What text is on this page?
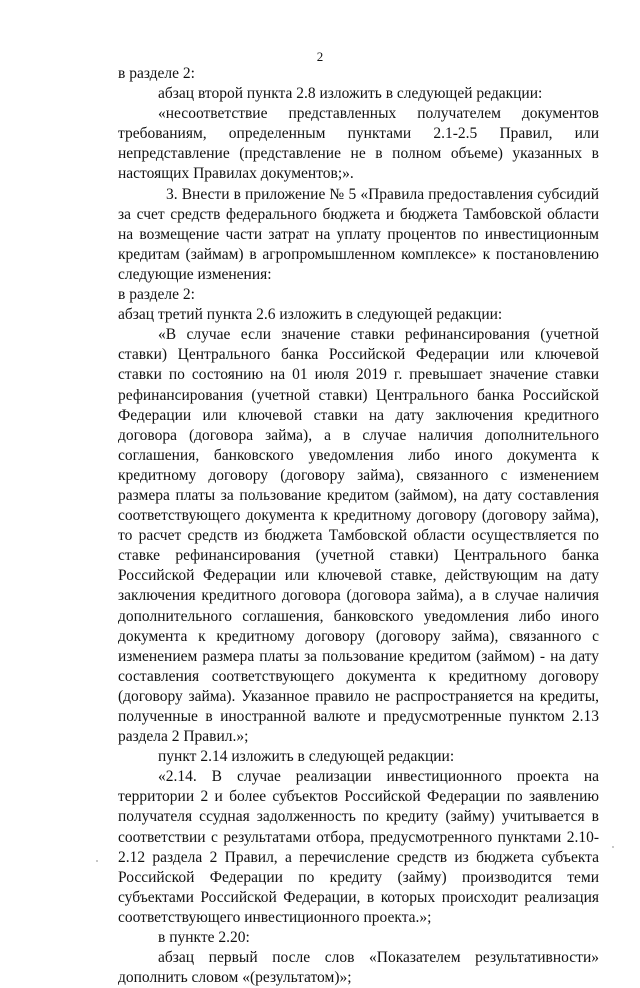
2

в разделе 2:

абзац второй пункта 2.8 изложить в следующей редакции:

«несоответствие представленных получателем документов требованиям, определенным пунктами 2.1-2.5 Правил, или непредставление (представление не в полном объеме) указанных в настоящих Правилах документов;».

3. Внести в приложение № 5 «Правила предоставления субсидий за счет средств федерального бюджета и бюджета Тамбовской области на возмещение части затрат на уплату процентов по инвестиционным кредитам (займам) в агропромышленном комплексе» к постановлению следующие изменения:

в разделе 2:

абзац третий пункта 2.6 изложить в следующей редакции:

«В случае если значение ставки рефинансирования (учетной ставки) Центрального банка Российской Федерации или ключевой ставки по состоянию на 01 июля 2019 г. превышает значение ставки рефинансирования (учетной ставки) Центрального банка Российской Федерации или ключевой ставки на дату заключения кредитного договора (договора займа), а в случае наличия дополнительного соглашения, банковского уведомления либо иного документа к кредитному договору (договору займа), связанного с изменением размера платы за пользование кредитом (займом), на дату составления соответствующего документа к кредитному договору (договору займа), то расчет средств из бюджета Тамбовской области осуществляется по ставке рефинансирования (учетной ставки) Центрального банка Российской Федерации или ключевой ставке, действующим на дату заключения кредитного договора (договора займа), а в случае наличия дополнительного соглашения, банковского уведомления либо иного документа к кредитному договору (договору займа), связанного с изменением размера платы за пользование кредитом (займом) - на дату составления соответствующего документа к кредитному договору (договору займа). Указанное правило не распространяется на кредиты, полученные в иностранной валюте и предусмотренные пунктом 2.13 раздела 2 Правил.»;

пункт 2.14 изложить в следующей редакции:

«2.14. В случае реализации инвестиционного проекта на территории 2 и более субъектов Российской Федерации по заявлению получателя ссудная задолженность по кредиту (займу) учитывается в соответствии с результатами отбора, предусмотренного пунктами 2.10-2.12 раздела 2 Правил, а перечисление средств из бюджета субъекта Российской Федерации по кредиту (займу) производится теми субъектами Российской Федерации, в которых происходит реализация соответствующего инвестиционного проекта.»;

в пункте 2.20:

абзац первый после слов «Показателем результативности» дополнить словом «(результатом)»;
